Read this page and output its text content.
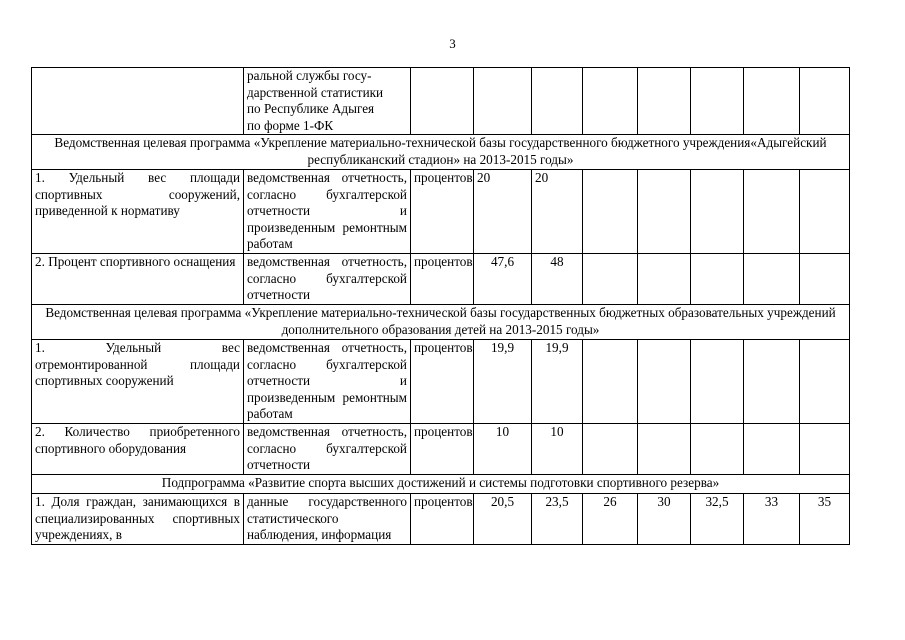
3
	ральной службы госу-
дарственной статистики
по Республике Адыгея
по форме 1-ФК								
Ведомственная целевая программа «Укрепление материально-технической базы государственного бюджетного учреждения«Адыгейский республиканский стадион» на 2013-2015 годы»									
1. Удельный вес площади спортивных сооружений, приведенной к нормативу	ведомственная отчетность, согласно бухгалтерской отчетности и произведенным ремонтным работам	процентов	20	20					
2. Процент спортивного оснащения	ведомственная отчетность, согласно бухгалтерской отчетности	процентов	47,6	48					
Ведомственная целевая программа «Укрепление материально-технической базы государственных бюджетных образовательных учреждений дополнительного образования детей на 2013-2015 годы»									
1. Удельный вес отремонтированной площади спортивных сооружений	ведомственная отчетность, согласно бухгалтерской отчетности и произведенным ремонтным работам	процентов	19,9	19,9					
2. Количество приобретенного спортивного оборудования	ведомственная отчетность, согласно бухгалтерской отчетности	процентов	10	10					
Подпрограмма «Развитие спорта высших достижений и системы подготовки спортивного резерва»									
1. Доля граждан, занимающихся в специализированных спортивных учреждениях, в	данные государственного статистического наблюдения, информация	процентов	20,5	23,5	26	30	32,5	33	35
